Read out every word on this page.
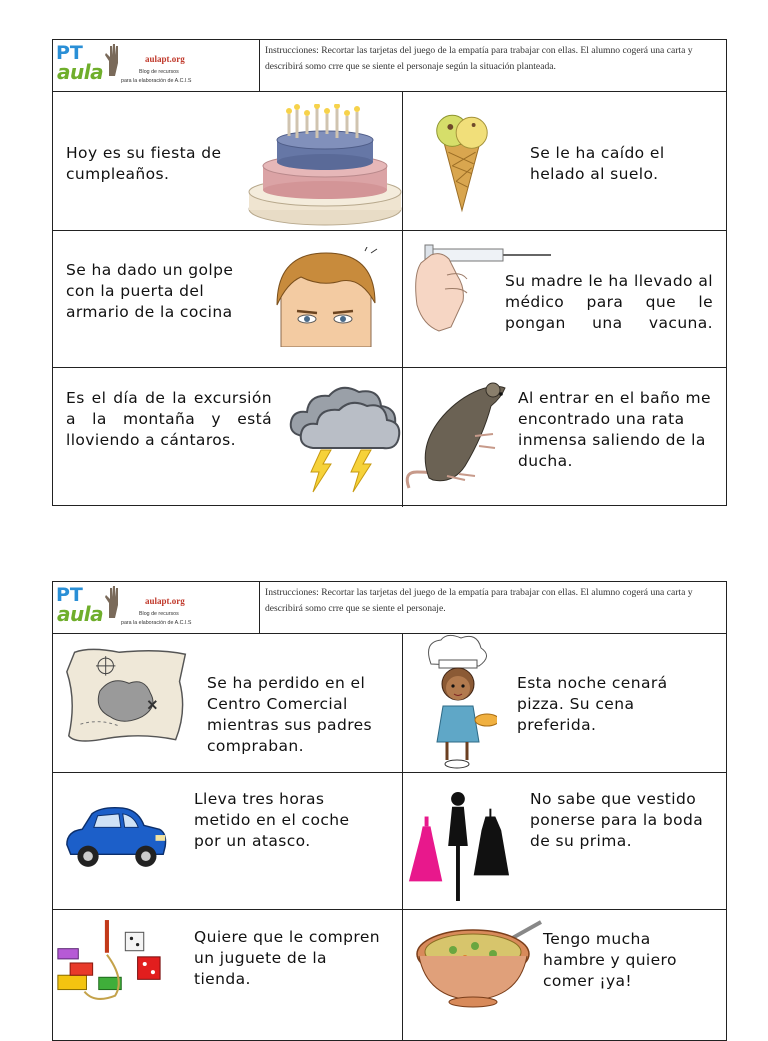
PT
aula
aulapt.org
Blog de recursos
para la elaboración de A.C.I.S
Instrucciones: Recortar las tarjetas del juego de la empatía para trabajar con ellas. El alumno cogerá una carta y describirá somo crre que se siente el personaje según la situación planteada.
Hoy es su fiesta de cumpleaños.
Se le ha caído el helado al suelo.
Se ha dado un golpe con la puerta del armario de la cocina
Su madre le ha llevado al médico para que le pongan una vacuna.
Es el día de la excursión a la montaña y está lloviendo a cántaros.
Al entrar en el baño me encontrado una rata inmensa saliendo de la ducha.
PT
aula
aulapt.org
Blog de recursos
para la elaboración de A.C.I.S
Instrucciones: Recortar las tarjetas del juego de la empatía para trabajar con ellas. El alumno cogerá una carta y describirá somo crre que se siente el personaje.
Se ha perdido en el Centro Comercial mientras sus padres compraban.
Esta noche cenará pizza. Su cena preferida.
Lleva tres horas metido en el coche por un atasco.
No sabe que vestido ponerse para la boda de su prima.
Quiere que le compren un juguete de la tienda.
Tengo mucha hambre y quiero comer ¡ya!
